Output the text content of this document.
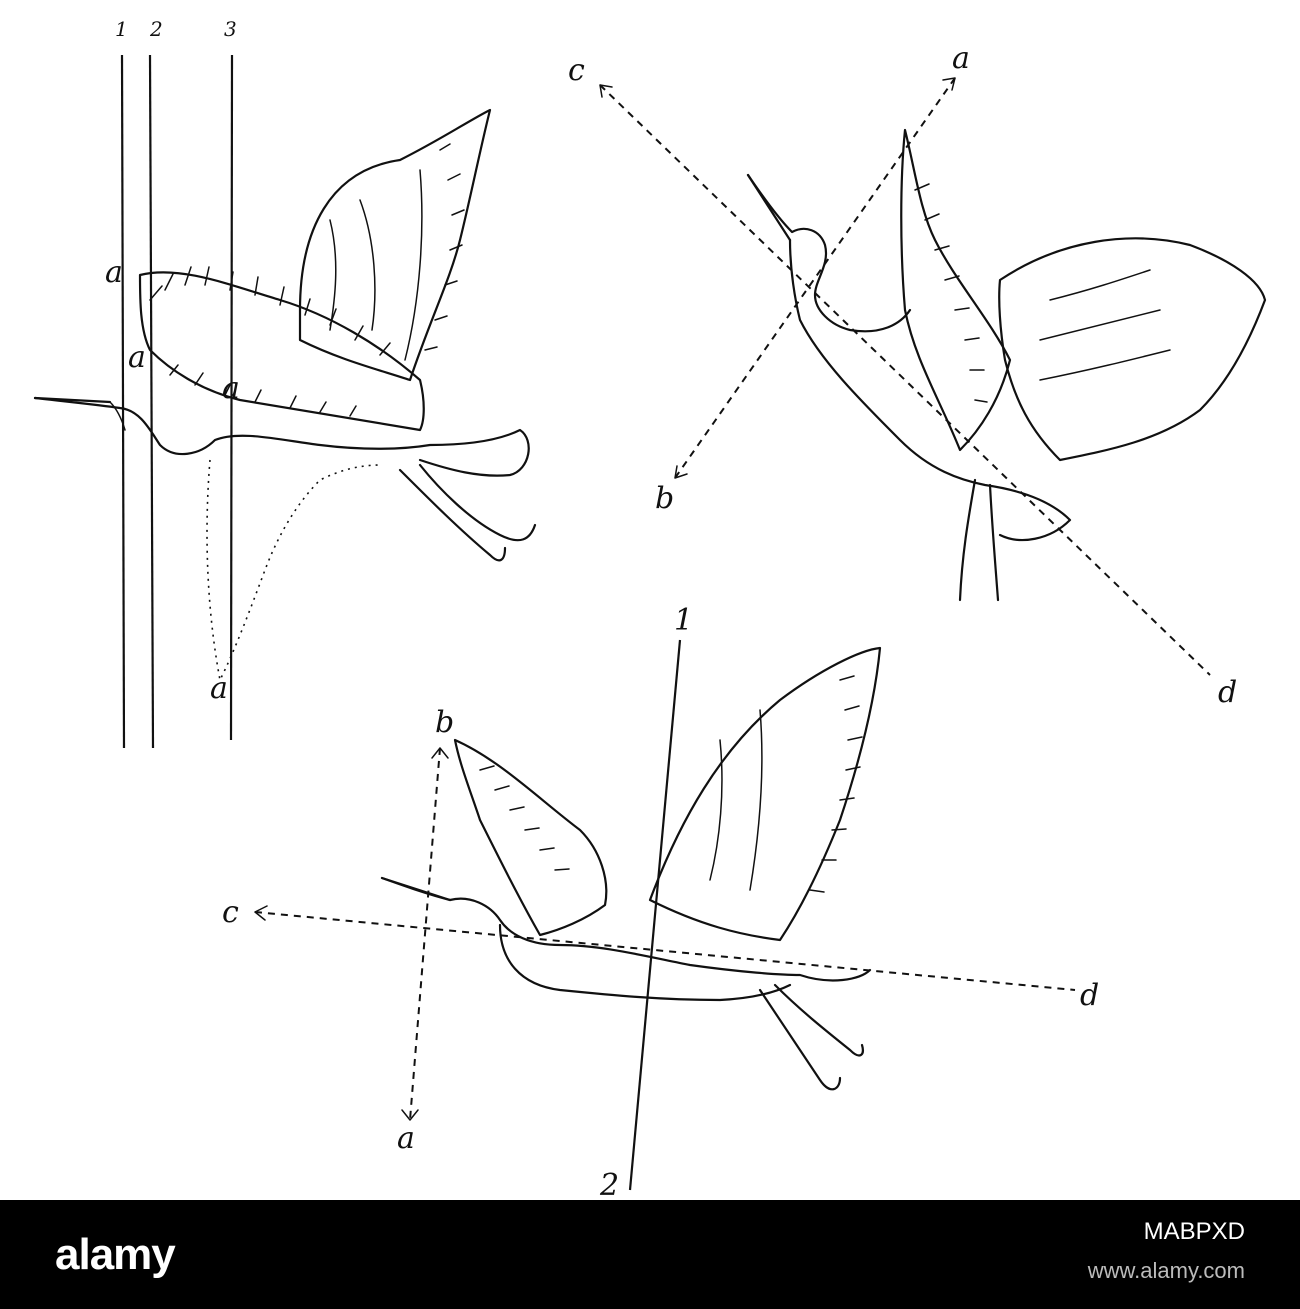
1 2	3
a
a
a
a
c	a
b
d
b
c
a
d
1
2
alamy	MABPXD
www.alamy.com
